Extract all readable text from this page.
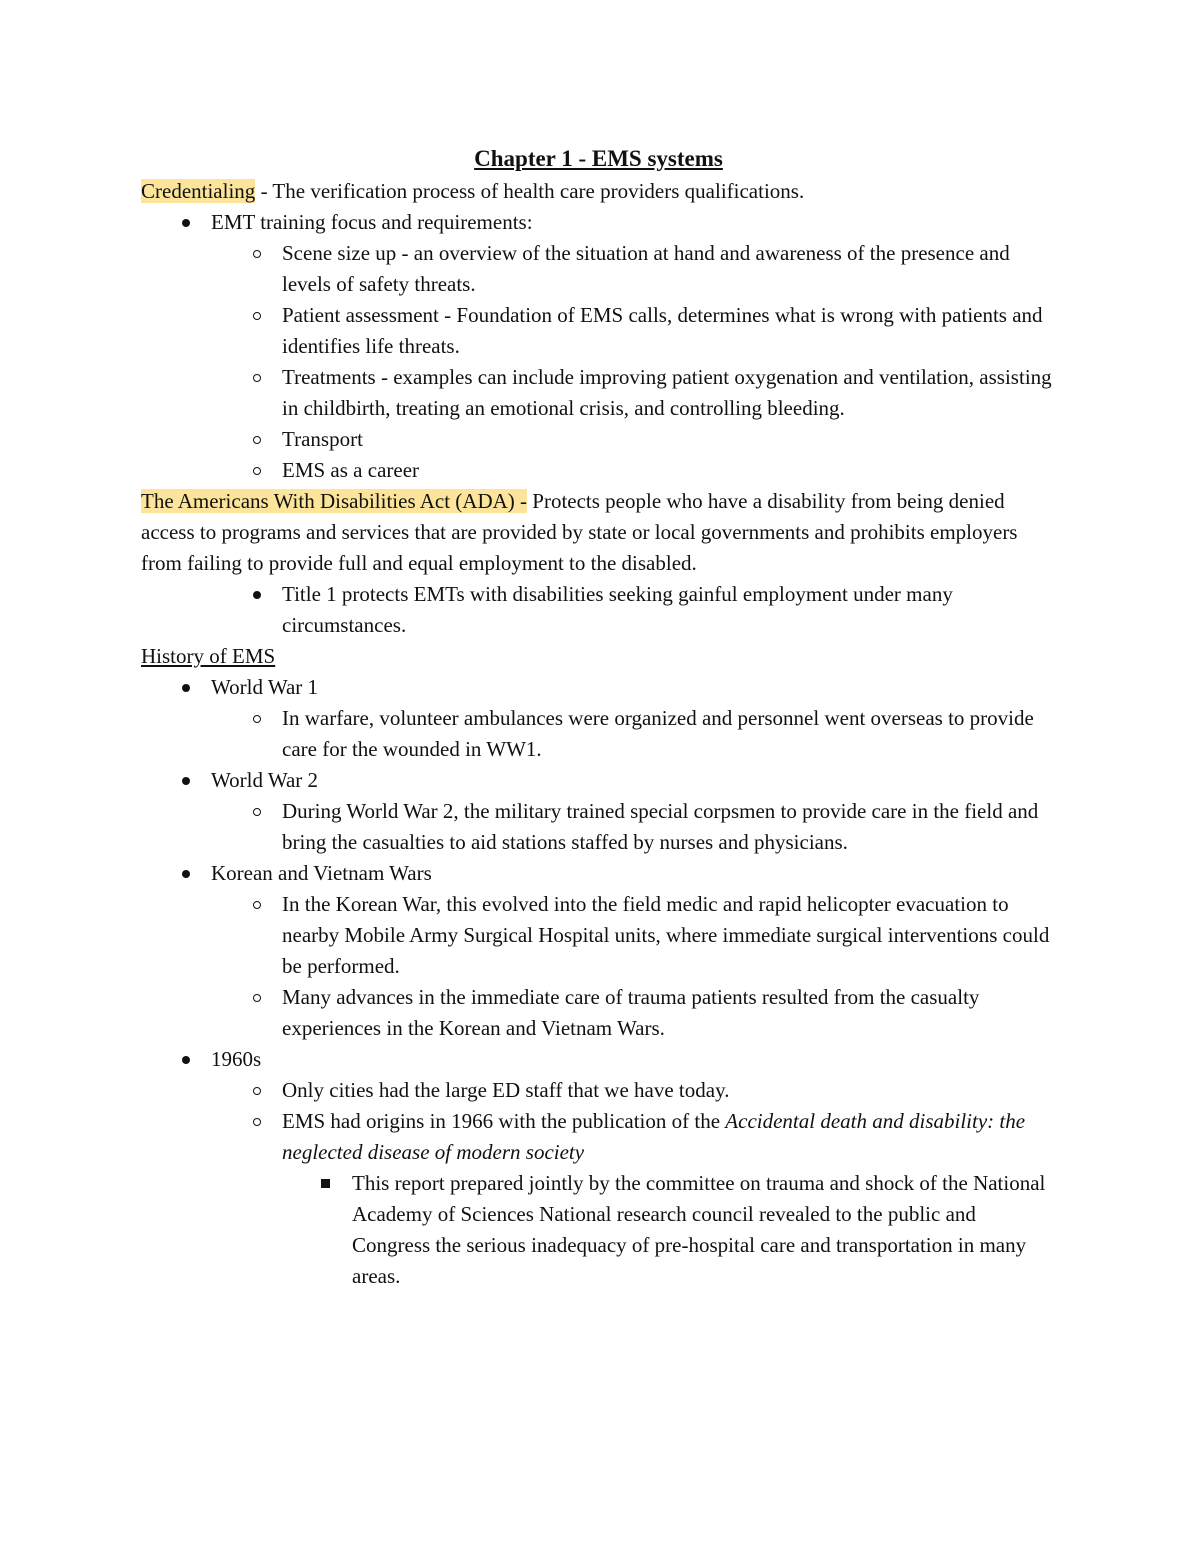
Chapter 1 - EMS systems

Credentialing - The verification process of health care providers qualifications.

EMT training focus and requirements:
Scene size up - an overview of the situation at hand and awareness of the presence and levels of safety threats.
Patient assessment - Foundation of EMS calls, determines what is wrong with patients and identifies life threats.
Treatments - examples can include improving patient oxygenation and ventilation, assisting in childbirth, treating an emotional crisis, and controlling bleeding.
Transport
EMS as a career

The Americans With Disabilities Act (ADA) - Protects people who have a disability from being denied access to programs and services that are provided by state or local governments and prohibits employers from failing to provide full and equal employment to the disabled.

Title 1 protects EMTs with disabilities seeking gainful employment under many circumstances.

History of EMS

World War 1
In warfare, volunteer ambulances were organized and personnel went overseas to provide care for the wounded in WW1.
World War 2
During World War 2, the military trained special corpsmen to provide care in the field and bring the casualties to aid stations staffed by nurses and physicians.
Korean and Vietnam Wars
In the Korean War, this evolved into the field medic and rapid helicopter evacuation to nearby Mobile Army Surgical Hospital units, where immediate surgical interventions could be performed.
Many advances in the immediate care of trauma patients resulted from the casualty experiences in the Korean and Vietnam Wars.
1960s
Only cities had the large ED staff that we have today.
EMS had origins in 1966 with the publication of the Accidental death and disability: the neglected disease of modern society
This report prepared jointly by the committee on trauma and shock of the National Academy of Sciences National research council revealed to the public and Congress the serious inadequacy of pre-hospital care and transportation in many areas.
